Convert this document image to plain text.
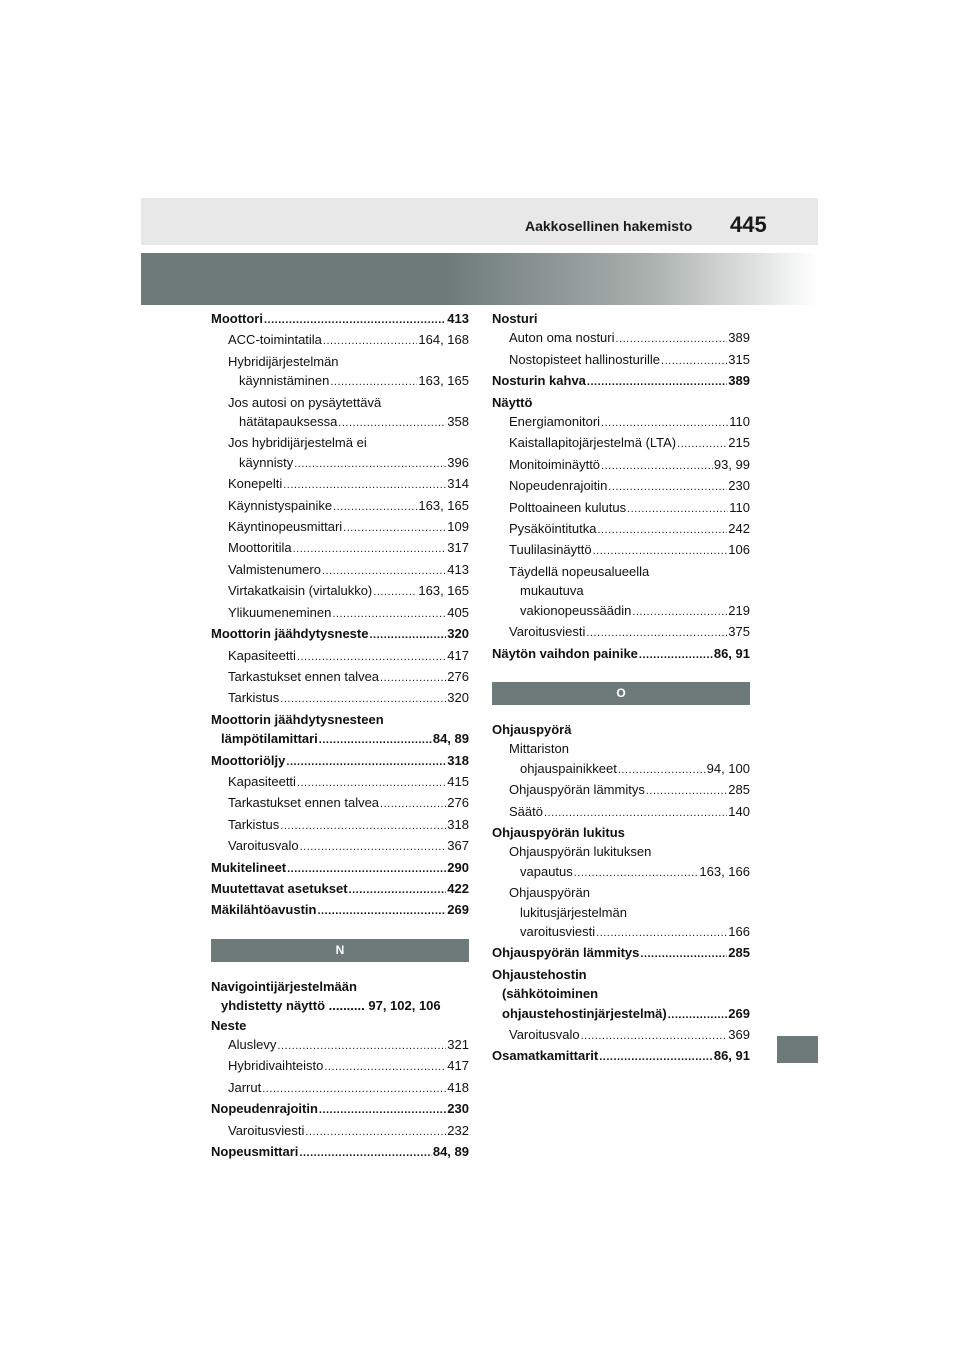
Aakkosellinen hakemisto 445
Moottori .....	413
ACC-toimintatila .....	164, 168
Hybridijärjestelmän
käynnistäminen .....	163, 165
Jos autosi on pysäytettävä
hätätapauksessa .....	358
Jos hybridijärjestelmä ei
käynnisty .....	396
Konepelti .....	314
Käynnistyspainike .....	163, 165
Käyntinopeusmittari .....	109
Moottoritila .....	317
Valmistenumero .....	413
Virtakatkaisin (virtalukko) .....	163, 165
Ylikuumeneminen .....	405
Moottorin jäähdytysneste .....	320
Kapasiteetti .....	417
Tarkastukset ennen talvea .....	276
Tarkistus .....	320
Moottorin jäähdytysnesteen
lämpötilamittari .....	84, 89
Moottoriöljy .....	318
Kapasiteetti .....	415
Tarkastukset ennen talvea .....	276
Tarkistus .....	318
Varoitusvalo .....	367
Mukitelineet .....	290
Muutettavat asetukset .....	422
Mäkilähtöavustin .....	269
N
Navigointijärjestelmään
yhdistetty näyttö .......... 97, 102, 106
Neste
Aluslevy .....	321
Hybridivaihteisto .....	417
Jarrut .....	418
Nopeudenrajoitin .....	230
Varoitusviesti .....	232
Nopeusmittari .....	84, 89
Nosturi
Auton oma nosturi .....	389
Nostopisteet hallinosturille .....	315
Nosturin kahva .....	389
Näyttö
Energiamonitori .....	110
Kaistallapitojärjestelmä (LTA) .....	215
Monitoiminäyttö .....	93, 99
Nopeudenrajoitin .....	230
Polttoaineen kulutus .....	110
Pysäköintitutka .....	242
Tuulilasinäyttö .....	106
Täydellä nopeusalueella
mukautuva
vakionopeussäädin .....	219
Varoitusviesti .....	375
Näytön vaihdon painike .....	86, 91
O
Ohjauspyörä
Mittariston
ohjauspainikkeet .....	94, 100
Ohjauspyörän lämmitys .....	285
Säätö .....	140
Ohjauspyörän lukitus
Ohjauspyörän lukituksen
vapautus .....	163, 166
Ohjauspyörän
lukitusjärjestelmän
varoitusviesti .....	166
Ohjauspyörän lämmitys .....	285
Ohjaustehostin
(sähkötoiminen
ohjaustehostinjärjestelmä) .....	269
Varoitusvalo .....	369
Osamatkamittarit .....	86, 91
